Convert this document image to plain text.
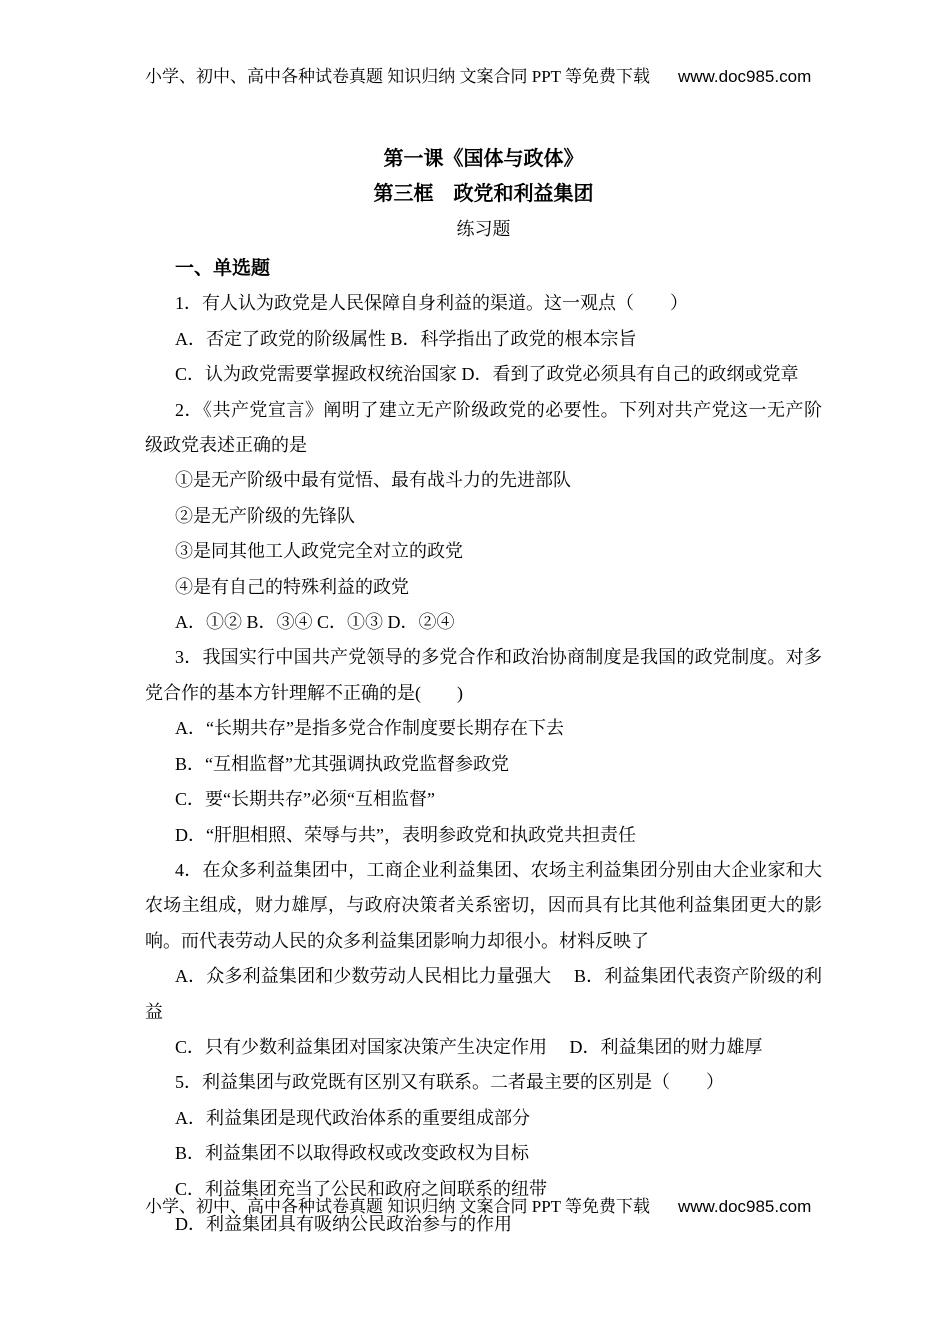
小学、初中、高中各种试卷真题 知识归纳 文案合同 PPT 等免费下载 www.doc985.com

第一课《国体与政体》

第三框　政党和利益集团

练习题

一、单选题

1．有人认为政党是人民保障自身利益的渠道。这一观点（　　）

A．否定了政党的阶级属性 B．科学指出了政党的根本宗旨

C．认为政党需要掌握政权统治国家 D．看到了政党必须具有自己的政纲或党章

2．《共产党宣言》阐明了建立无产阶级政党的必要性。下列对共产党这一无产阶级政党表述正确的是

①是无产阶级中最有觉悟、最有战斗力的先进部队

②是无产阶级的先锋队

③是同其他工人政党完全对立的政党

④是有自己的特殊利益的政党

A．①② B．③④ C．①③ D．②④

3．我国实行中国共产党领导的多党合作和政治协商制度是我国的政党制度。对多党合作的基本方针理解不正确的是(　　)

A．“长期共存”是指多党合作制度要长期存在下去

B．“互相监督”尤其强调执政党监督参政党

C．要“长期共存”必须“互相监督”

D．“肝胆相照、荣辱与共”，表明参政党和执政党共担责任

4．在众多利益集团中，工商企业利益集团、农场主利益集团分别由大企业家和大农场主组成，财力雄厚，与政府决策者关系密切，因而具有比其他利益集团更大的影响。而代表劳动人民的众多利益集团影响力却很小。材料反映了

A．众多利益集团和少数劳动人民相比力量强大　 B．利益集团代表资产阶级的利益

C．只有少数利益集团对国家决策产生决定作用　 D．利益集团的财力雄厚

5．利益集团与政党既有区别又有联系。二者最主要的区别是（　　）

A．利益集团是现代政治体系的重要组成部分

B．利益集团不以取得政权或改变政权为目标

C．利益集团充当了公民和政府之间联系的纽带

D．利益集团具有吸纳公民政治参与的作用

小学、初中、高中各种试卷真题 知识归纳 文案合同 PPT 等免费下载 www.doc985.com
